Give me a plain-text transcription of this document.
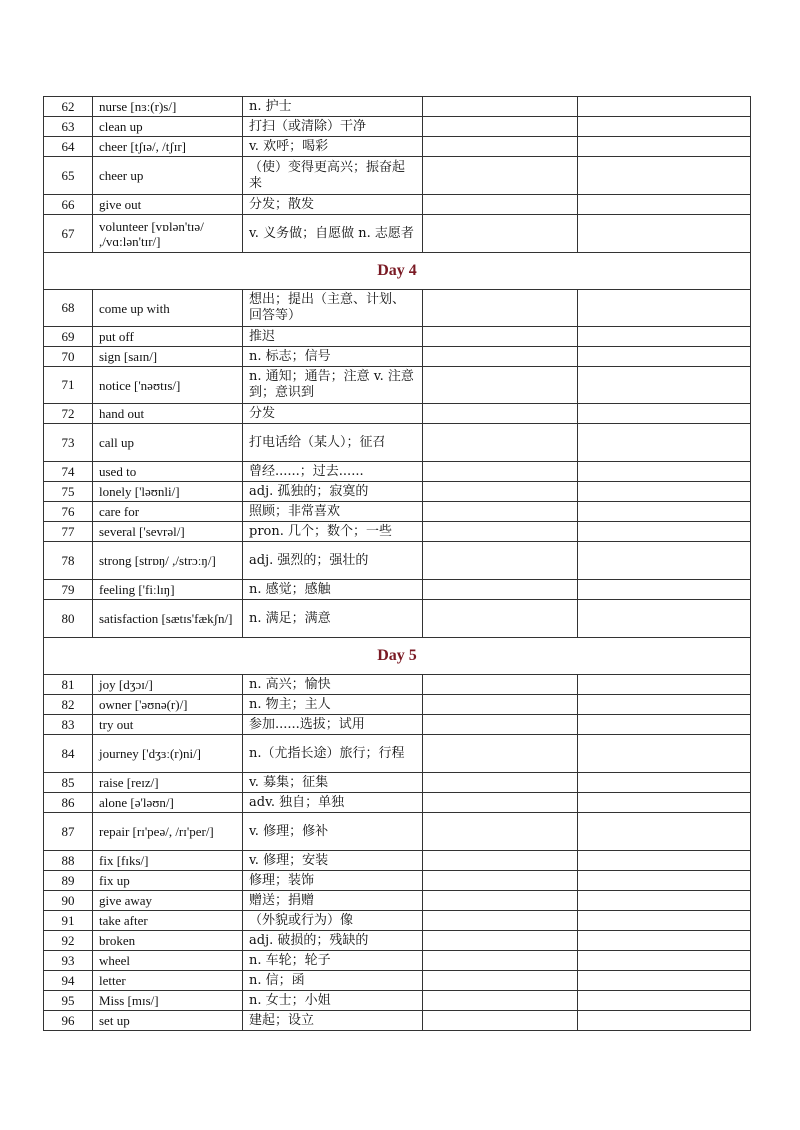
62	nurse [nɜː(r)s/]	n. 护士		
63	clean up	打扫（或清除）干净		
64	cheer [tʃɪə/, /tʃɪr]	v. 欢呼；喝彩		
65	cheer up	（使）变得更高兴；振奋起来		
66	give out	分发；散发		
67	volunteer [vɒlən'tɪə/ ,/vɑ:lən'tɪr/]	v. 义务做；自愿做 n. 志愿者		
Day 4				
68	come up with	想出；提出（主意、计划、回答等）		
69	put off	推迟		
70	sign [saɪn/]	n. 标志；信号		
71	notice ['nəʊtɪs/]	n. 通知；通告；注意 v. 注意到；意识到		
72	hand out	分发		
73	call up	打电话给（某人）；征召		
74	used to	曾经......；过去......		
75	lonely ['ləʊnli/]	adj. 孤独的；寂寞的		
76	care for	照顾；非常喜欢		
77	several ['sevrəl/]	pron. 几个；数个；一些		
78	strong [strɒŋ/ ,/strɔːŋ/]	adj. 强烈的；强壮的		
79	feeling ['fiːlɪŋ]	n. 感觉；感触		
80	satisfaction [sætɪs'fækʃn/]	n. 满足；满意		
Day 5				
81	joy [dʒɔɪ/]	n. 高兴；愉快		
82	owner ['əʊnə(r)/]	n. 物主；主人		
83	try out	参加......选拔；试用		
84	journey ['dʒɜː(r)ni/]	n.（尤指长途）旅行；行程		
85	raise [reɪz/]	v. 募集；征集		
86	alone [ə'ləʊn/]	adv. 独自；单独		
87	repair [rɪ'peə/, /rɪ'per/]	v. 修理；修补		
88	fix [fɪks/]	v. 修理；安装		
89	fix up	修理；装饰		
90	give away	赠送；捐赠		
91	take after	（外貌或行为）像		
92	broken	adj. 破损的；残缺的		
93	wheel	n. 车轮；轮子		
94	letter	n. 信；函		
95	Miss [mɪs/]	n. 女士；小姐		
96	set up	建起；设立		
